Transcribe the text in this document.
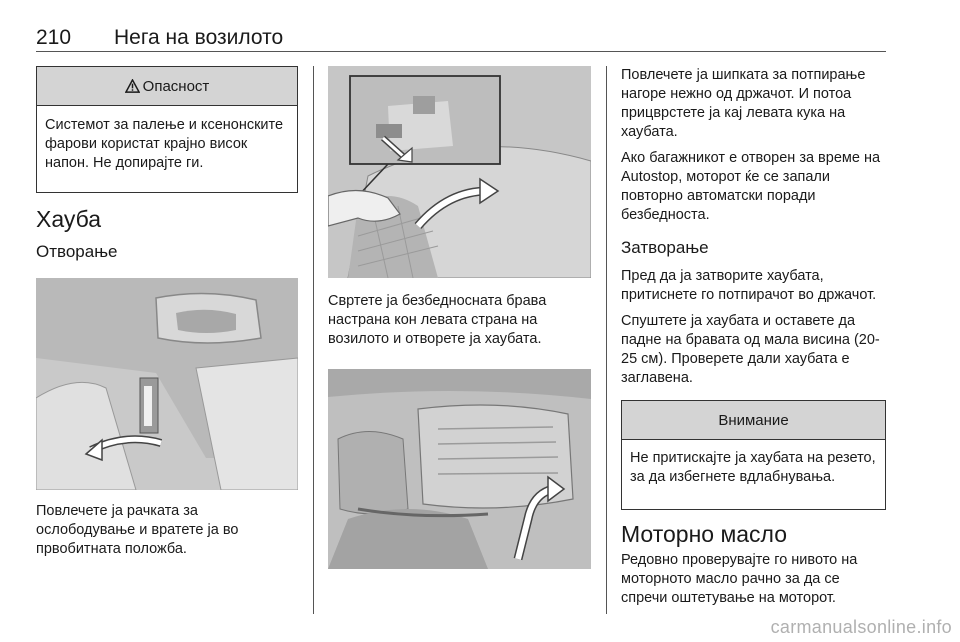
210 Нега на возилото
Опасност
Системот за палење и ксенонските фарови користат крајно висок напон. Не допирајте ги.
Хауба
Отворање
Повлечете ја рачката за ослободување и вратете ја во првобитната положба.
Свртете ја безбедносната брава настрана кон левата страна на возилото и отворете ја хаубата.
Повлечете ја шипката за потпирање нагоре нежно од држачот. И потоа прицврстете ја кај левата кука на хаубата.
Ако багажникот е отворен за време на Autostop, моторот ќе се запали повторно автоматски поради безбедноста.
Затворање
Пред да ја затворите хаубата, притиснете го потпирачот во држачот.
Спуштете ја хаубата и оставете да падне на бравата од мала висина (20-25 см). Проверете дали хаубата е заглавена.
Внимание
Не притискајте ја хаубата на резето, за да избегнете вдлабнувања.
Моторно масло
Редовно проверувајте го нивото на моторното масло рачно за да се спречи оштетување на моторот.
carmanualsonline.info
